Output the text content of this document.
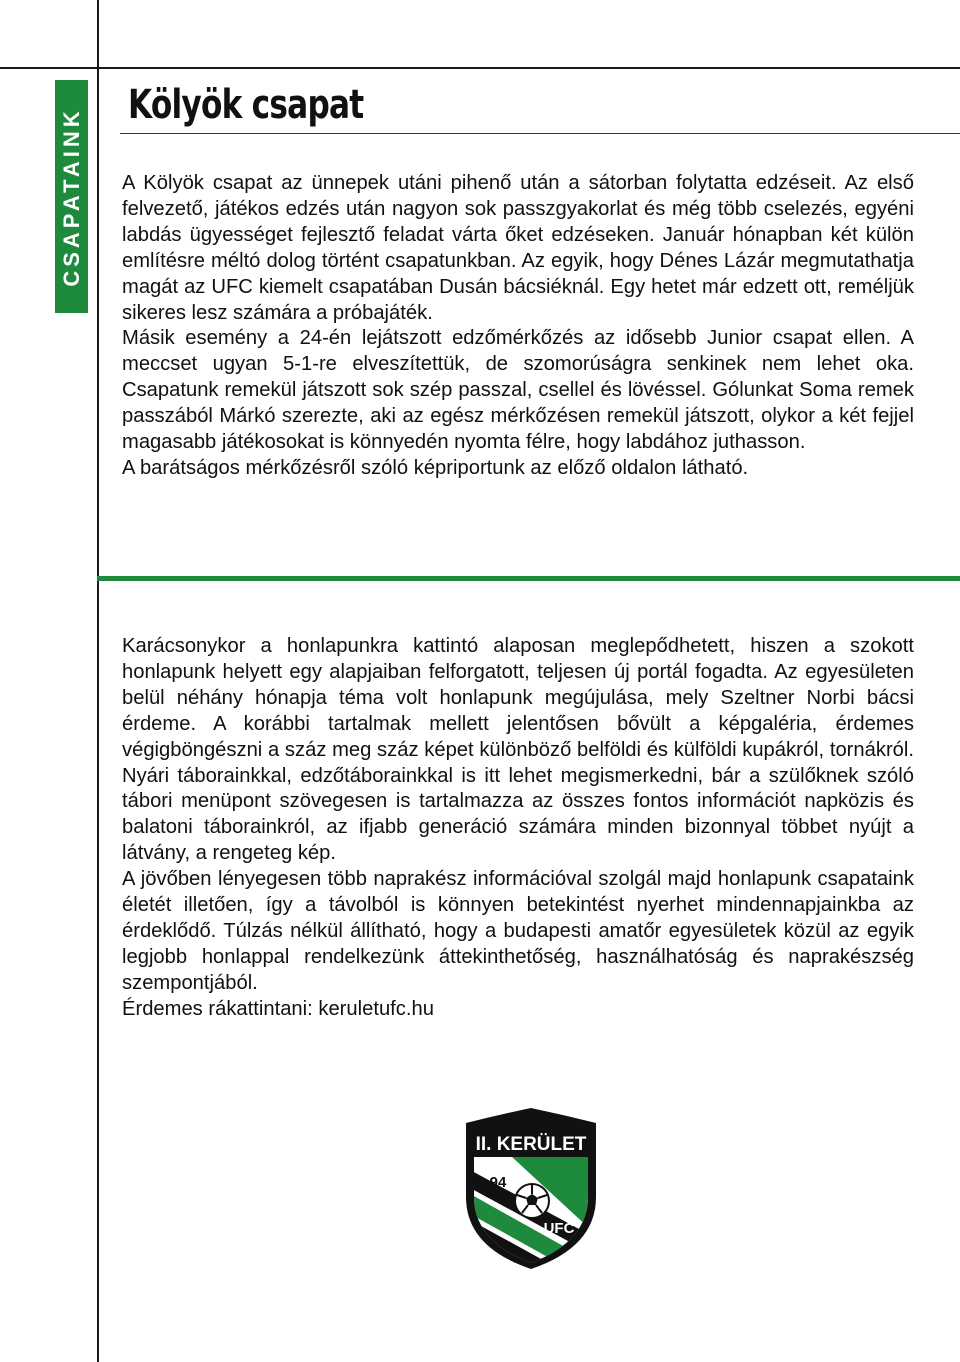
CSAPATAINK
Kölyök csapat

A Kölyök csapat az ünnepek utáni pihenő után a sátorban folytatta edzéseit. Az első felvezető, játékos edzés után nagyon sok passzgyakorlat és még több cselezés, egyéni labdás ügyességet fejlesztő feladat várta őket edzéseken. Január hónapban két külön említésre méltó dolog történt csapatunkban. Az egyik, hogy Dénes Lázár megmutathatja magát az UFC kiemelt csapatában Dusán bácsiéknál. Egy hetet már edzett ott, reméljük sikeres lesz számára a próbajáték.

Másik esemény a 24-én lejátszott edzőmérkőzés az idősebb Junior csapat ellen. A meccset ugyan 5-1-re elveszítettük, de szomorúságra senkinek nem lehet oka. Csapatunk remekül játszott sok szép passzal, csellel és lövéssel. Gólunkat Soma remek passzából Márkó szerezte, aki az egész mérkőzésen remekül játszott, olykor a két fejjel magasabb játékosokat is könnyedén nyomta félre, hogy labdához juthasson.

A barátságos mérkőzésről szóló képriportunk az előző oldalon látható.

Karácsonykor a honlapunkra kattintó alaposan meglepődhetett, hiszen a szokott honlapunk helyett egy alapjaiban felforgatott, teljesen új portál fogadta. Az egyesületen belül néhány hónapja téma volt honlapunk megújulása, mely Szeltner Norbi bácsi érdeme. A korábbi tartalmak mellett jelentősen bővült a képgaléria, érdemes végigböngészni a száz meg száz képet különböző belföldi és külföldi kupákról, tornákról. Nyári táborainkkal, edzőtáborainkkal is itt lehet megismerkedni, bár a szülőknek szóló tábori menüpont szövegesen is tartalmazza az összes fontos információt napközis és balatoni táborainkról, az ifjabb generáció számára minden bizonnyal többet nyújt a látvány, a rengeteg kép.

A jövőben lényegesen több naprakész információval szolgál majd honlapunk csapataink életét illetően, így a távolból is könnyen betekintést nyerhet mindennapjainkba az érdeklődő. Túlzás nélkül állítható, hogy a budapesti amatőr egyesületek közül az egyik legjobb honlappal rendelkezünk áttekinthetőség, használhatóság és naprakészség szempontjából.

Érdemes rákattintani: keruletufc.hu

II. KERÜLET
94
UFC
